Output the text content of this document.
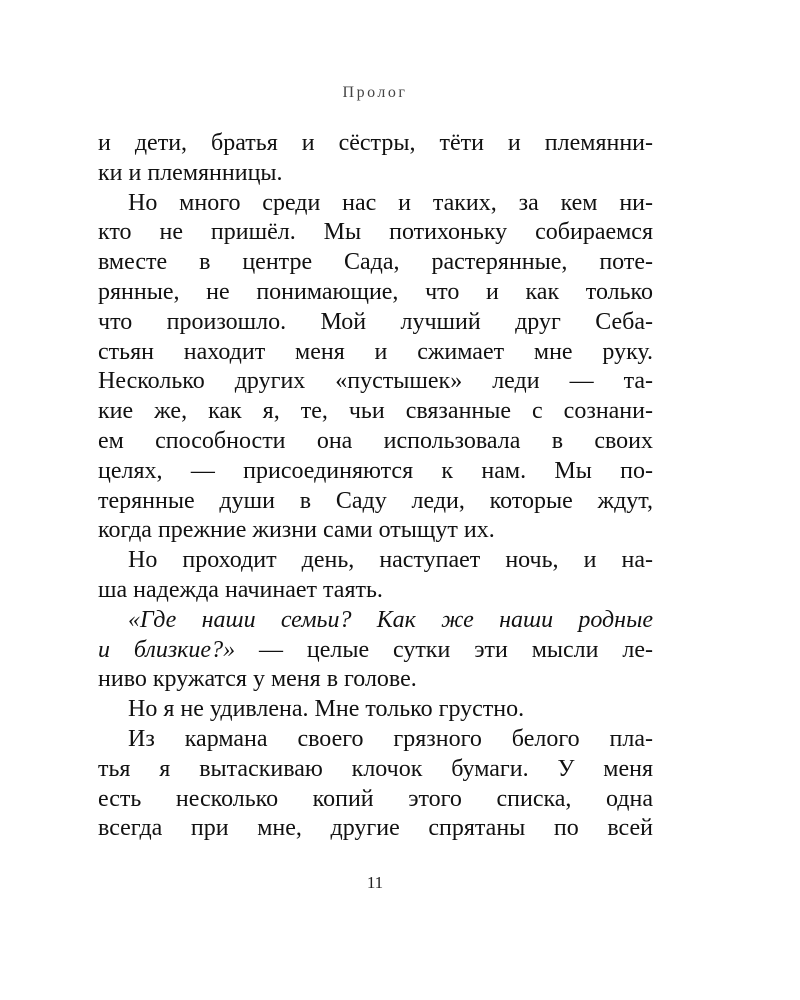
Пролог
и дети, братья и сёстры, тёти и племянни-
ки и племянницы.
Но много среди нас и таких, за кем ни-
кто не пришёл. Мы потихоньку собираемся
вместе в центре Сада, растерянные, поте-
рянные, не понимающие, что и как только
что произошло. Мой лучший друг Себа-
стьян находит меня и сжимает мне руку.
Несколько других «пустышек» леди — та-
кие же, как я, те, чьи связанные с сознани-
ем способности она использовала в своих
целях, — присоединяются к нам. Мы по-
терянные души в Саду леди, которые ждут,
когда прежние жизни сами отыщут их.
Но проходит день, наступает ночь, и на-
ша надежда начинает таять.
«Где наши семьи? Как же наши родные
и близкие?» — целые сутки эти мысли ле-
ниво кружатся у меня в голове.
Но я не удивлена. Мне только грустно.
Из кармана своего грязного белого пла-
тья я вытаскиваю клочок бумаги. У меня
есть несколько копий этого списка, одна
всегда при мне, другие спрятаны по всей
11
